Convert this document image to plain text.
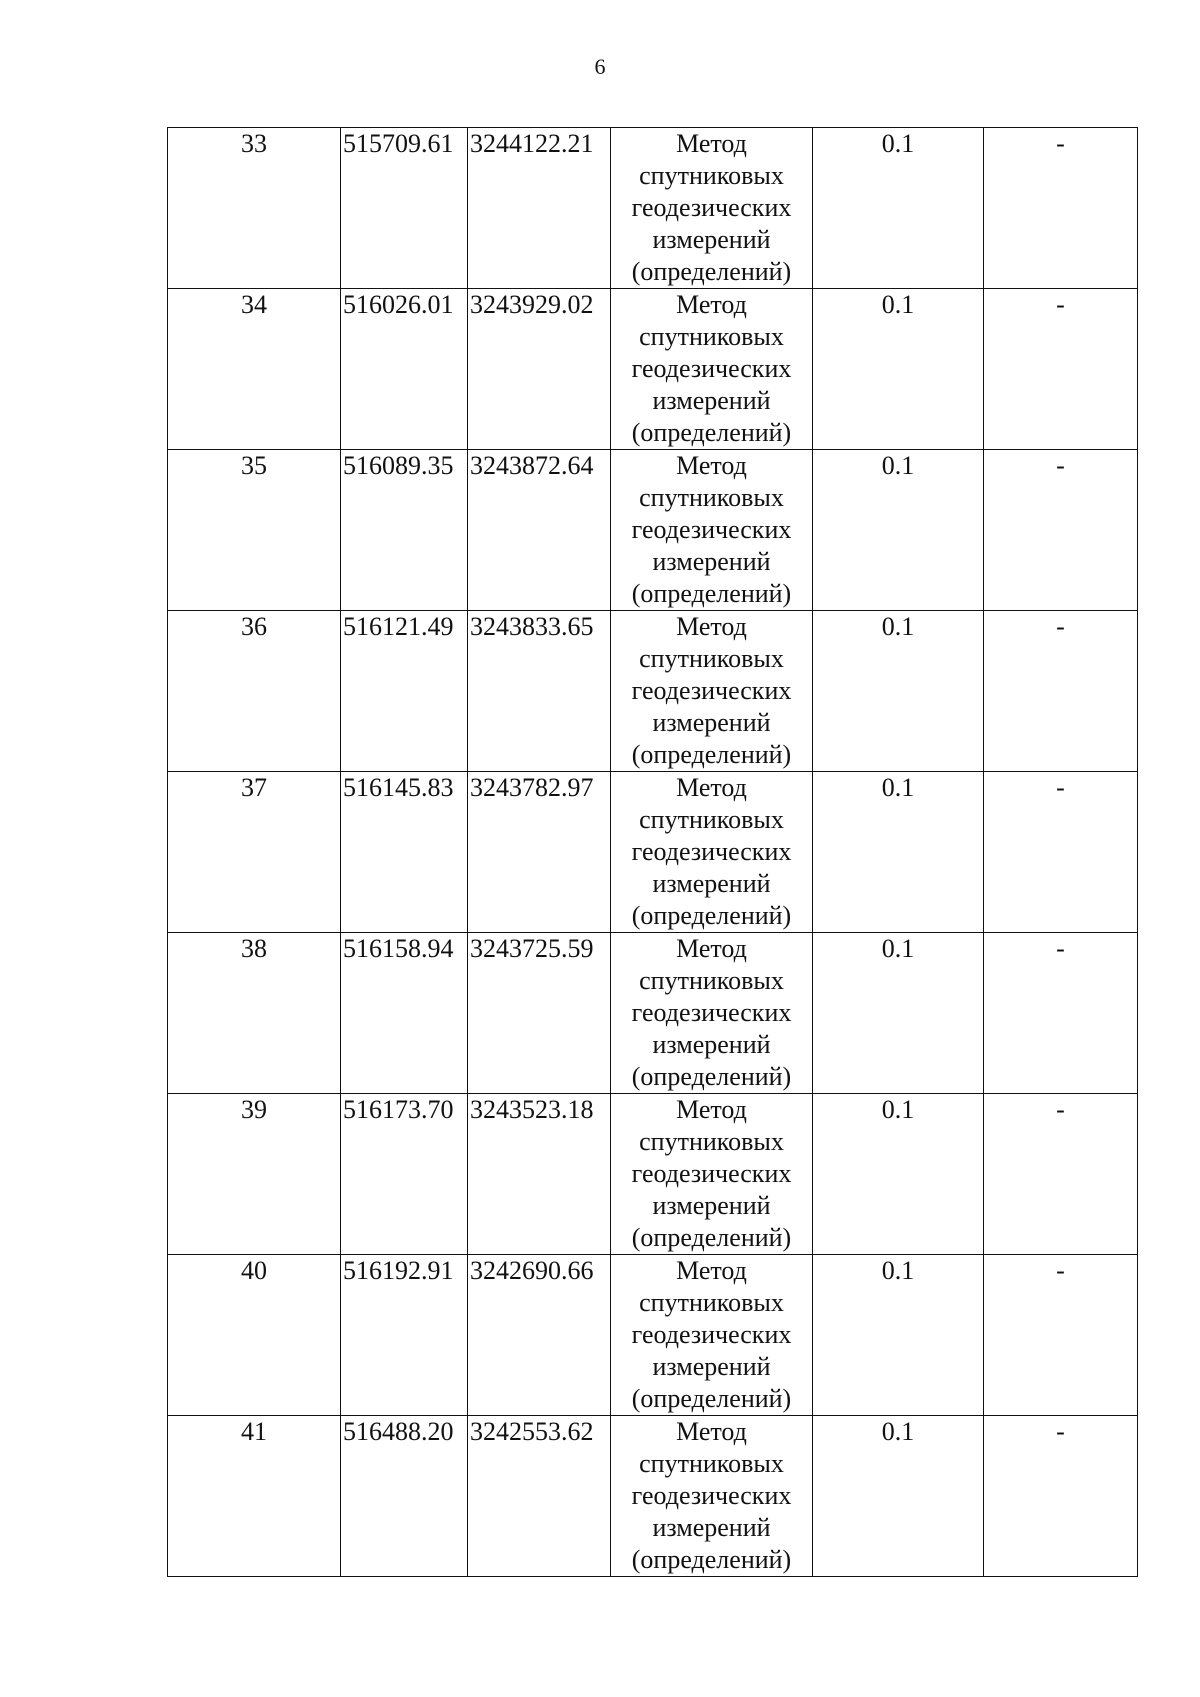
6
33	515709.61	3244122.21	Метод
спутниковых
геодезических
измерений
(определений)	0.1	-
34	516026.01	3243929.02	Метод
спутниковых
геодезических
измерений
(определений)	0.1	-
35	516089.35	3243872.64	Метод
спутниковых
геодезических
измерений
(определений)	0.1	-
36	516121.49	3243833.65	Метод
спутниковых
геодезических
измерений
(определений)	0.1	-
37	516145.83	3243782.97	Метод
спутниковых
геодезических
измерений
(определений)	0.1	-
38	516158.94	3243725.59	Метод
спутниковых
геодезических
измерений
(определений)	0.1	-
39	516173.70	3243523.18	Метод
спутниковых
геодезических
измерений
(определений)	0.1	-
40	516192.91	3242690.66	Метод
спутниковых
геодезических
измерений
(определений)	0.1	-
41	516488.20	3242553.62	Метод
спутниковых
геодезических
измерений
(определений)	0.1	-
